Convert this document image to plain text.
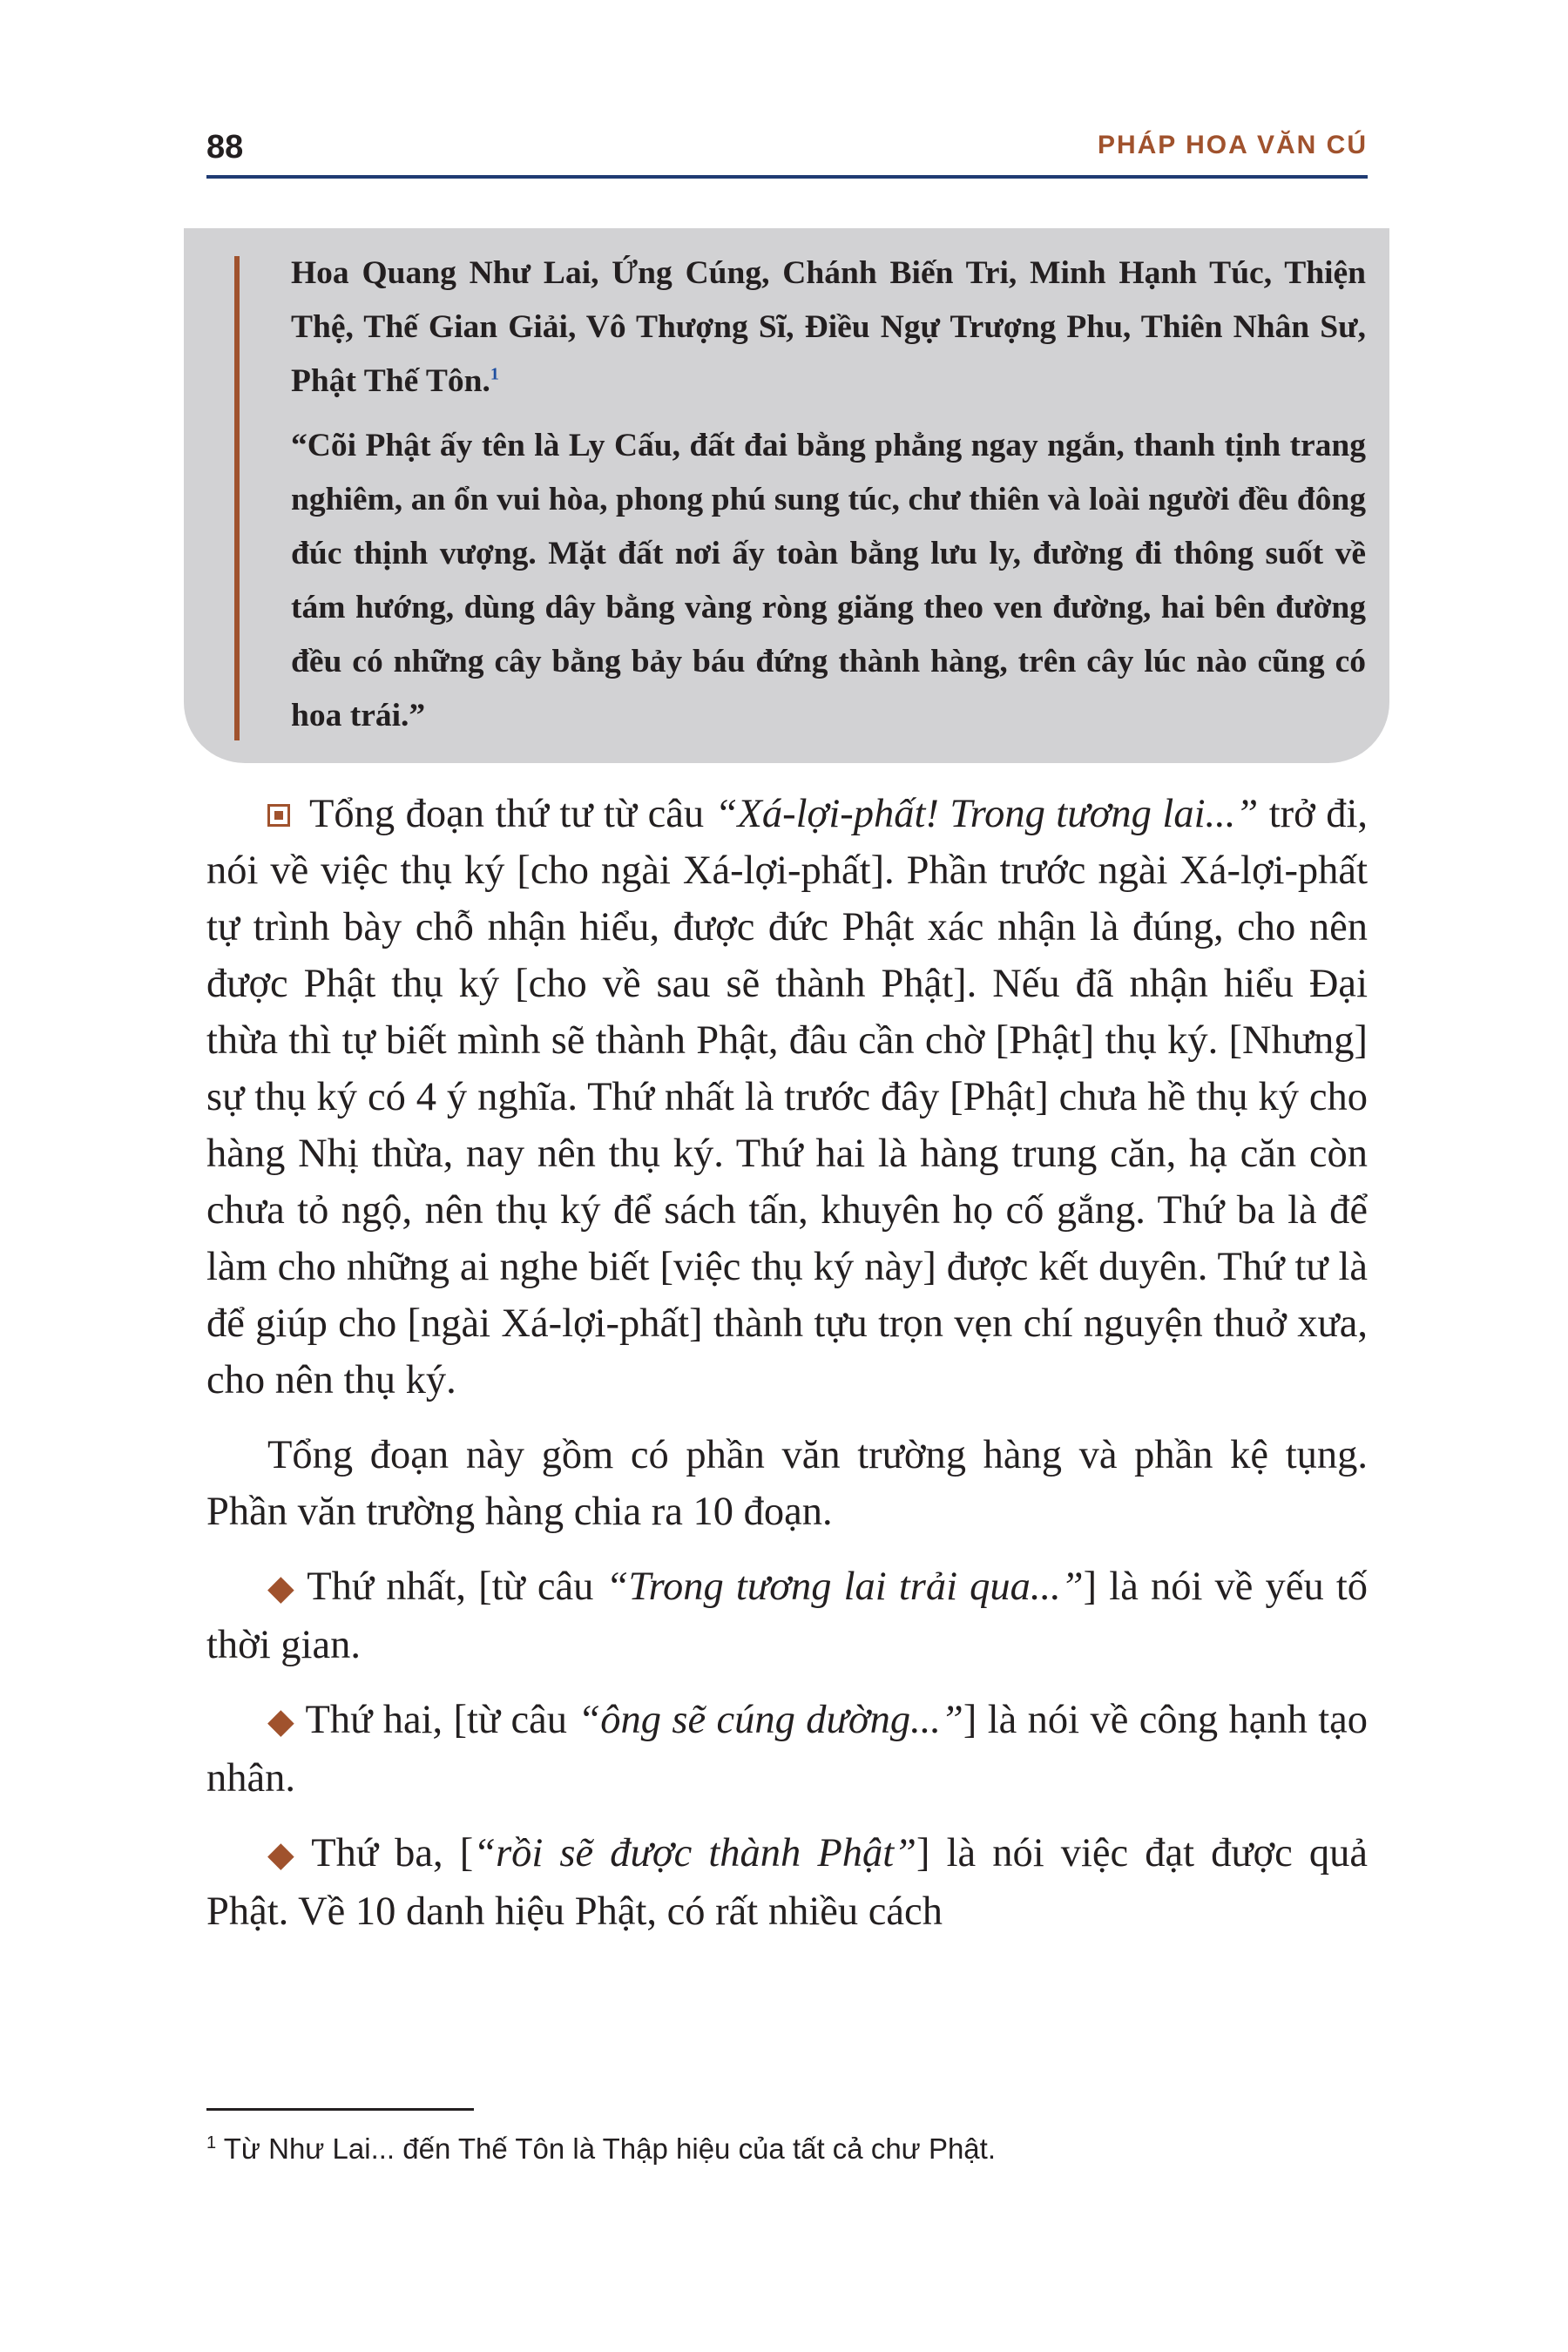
88	PHÁP HOA VĂN CÚ

Hoa Quang Như Lai, Ứng Cúng, Chánh Biến Tri, Minh Hạnh Túc, Thiện Thệ, Thế Gian Giải, Vô Thượng Sĩ, Điều Ngự Trượng Phu, Thiên Nhân Sư, Phật Thế Tôn.$^1$

“Cõi Phật ấy tên là Ly Cấu, đất đai bằng phẳng ngay ngắn, thanh tịnh trang nghiêm, an ổn vui hòa, phong phú sung túc, chư thiên và loài người đều đông đúc thịnh vượng. Mặt đất nơi ấy toàn bằng lưu ly, đường đi thông suốt về tám hướng, dùng dây bằng vàng ròng giăng theo ven đường, hai bên đường đều có những cây bằng bảy báu đứng thành hàng, trên cây lúc nào cũng có hoa trái.”

Tổng đoạn thứ tư từ câu “Xá-lợi-phất! Trong tương lai...” trở đi, nói về việc thụ ký [cho ngài Xá-lợi-phất]. Phần trước ngài Xá-lợi-phất tự trình bày chỗ nhận hiểu, được đức Phật xác nhận là đúng, cho nên được Phật thụ ký [cho về sau sẽ thành Phật]. Nếu đã nhận hiểu Đại thừa thì tự biết mình sẽ thành Phật, đâu cần chờ [Phật] thụ ký. [Nhưng] sự thụ ký có 4 ý nghĩa. Thứ nhất là trước đây [Phật] chưa hề thụ ký cho hàng Nhị thừa, nay nên thụ ký. Thứ hai là hàng trung căn, hạ căn còn chưa tỏ ngộ, nên thụ ký để sách tấn, khuyên họ cố gắng. Thứ ba là để làm cho những ai nghe biết [việc thụ ký này] được kết duyên. Thứ tư là để giúp cho [ngài Xá-lợi-phất] thành tựu trọn vẹn chí nguyện thuở xưa, cho nên thụ ký.

Tổng đoạn này gồm có phần văn trường hàng và phần kệ tụng. Phần văn trường hàng chia ra 10 đoạn.

◆ Thứ nhất, [từ câu “Trong tương lai trải qua...”] là nói về yếu tố thời gian.

◆ Thứ hai, [từ câu “ông sẽ cúng dường...”] là nói về công hạnh tạo nhân.

◆ Thứ ba, [“rồi sẽ được thành Phật”] là nói việc đạt được quả Phật. Về 10 danh hiệu Phật, có rất nhiều cách

$^1$ Từ Như Lai... đến Thế Tôn là Thập hiệu của tất cả chư Phật.
